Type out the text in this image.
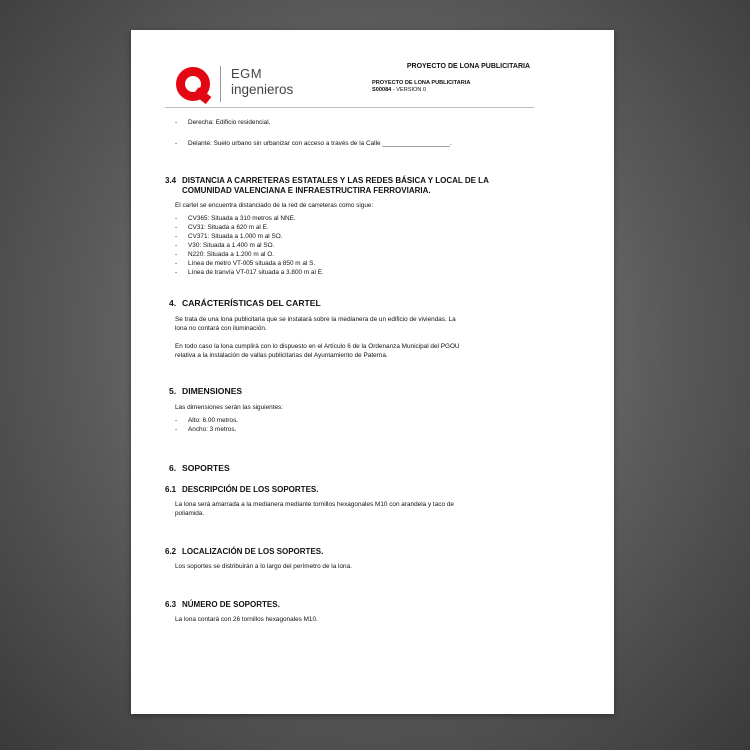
EGM
ingenieros
PROYECTO DE LONA PUBLICITARIA
PROYECTO DE LONA PUBLICITARIA
S00084 - VERSION 0
- Derecha: Edificio residencial.
- Delante: Suelo urbano sin urbanizar con acceso a través de la Calle ___________________.
3.4 DISTANCIA A CARRETERAS ESTATALES Y LAS REDES BÁSICA Y LOCAL DE LA
COMUNIDAD VALENCIANA E INFRAESTRUCTIRA FERROVIARIA.
El cartel se encuentra distanciado de la red de carreteras como sigue:
- CV365: Situada a 310 metros al NNE.
- CV31: Situada a 620 m al E.
- CV371: Situada a 1.000 m al SO.
- V30: Situada a 1.400 m al SO.
- N220: Situada a 1.200 m al O.
- Línea de metro VT-005 situada a 850 m al S.
- Línea de tranvía VT-017 situada a 3.800 m al E.
4. CARÁCTERÍSTICAS DEL CARTEL
Se trata de una lona publicitaria que se instalará sobre la medianera de un edificio de viviendas. La
lona no contará con iluminación.
En todo caso la lona cumplirá con lo dispuesto en el Artículo 6 de la Ordenanza Municipal del PGOU
relativa a la instalación de vallas publicitarias del Ayuntamiento de Paterna.
5. DIMENSIONES
Las dimensiones serán las siguientes:
- Alto: 6.00 metros.
- Ancho: 3 metros.
6. SOPORTES
6.1 DESCRIPCIÓN DE LOS SOPORTES.
La lona será amarrada a la medianera mediante tornillos hexagonales M10 con arandela y taco de
poliamida.
6.2 LOCALIZACIÓN DE LOS SOPORTES.
Los soportes se distribuirán a lo largo del perímetro de la lona.
6.3 NÚMERO DE SOPORTES.
La lona contará con 26 tornillos hexagonales M10.
